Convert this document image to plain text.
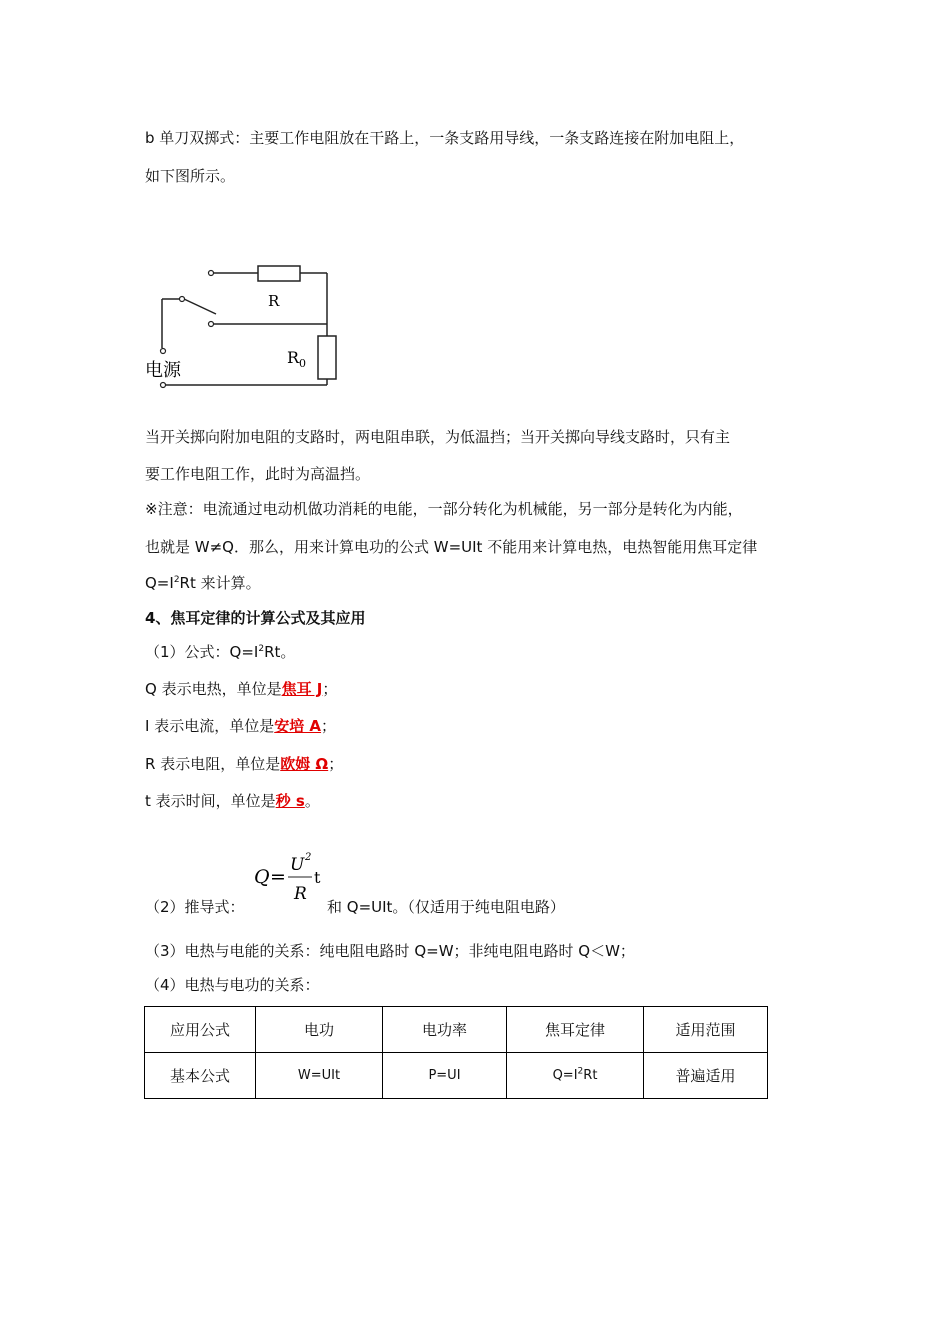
b 单刀双掷式：主要工作电阻放在干路上，一条支路用导线，一条支路连接在附加电阻上，
如下图所示。
R
$R_0$
电源
当开关掷向附加电阻的支路时，两电阻串联，为低温挡；当开关掷向导线支路时，只有主
要工作电阻工作，此时为高温挡。
※注意：电流通过电动机做功消耗的电能，一部分转化为机械能，另一部分是转化为内能，
也就是 W≠Q．那么，用来计算电功的公式 W=UIt 不能用来计算电热，电热智能用焦耳定律
$Q=I^2Rt$ 来计算。
4、焦耳定律的计算公式及其应用
（1）公式：$Q=I^2Rt$。
Q 表示电热，单位是焦耳 J；
I 表示电流，单位是安培 A；
R 表示电阻，单位是欧姆 Ω；
t 表示时间，单位是秒 s。
（2）推导式：
Q =
U 2
R
t
和 Q=UIt。（仅适用于纯电阻电路）
（3）电热与电能的关系：纯电阻电路时 Q=W；非纯电阻电路时 Q＜W；
（4）电热与电功的关系：
应用公式	电功	电功率	焦耳定律	适用范围
基本公式	W=UIt	P=UI	$Q=I^2Rt$	普遍适用
